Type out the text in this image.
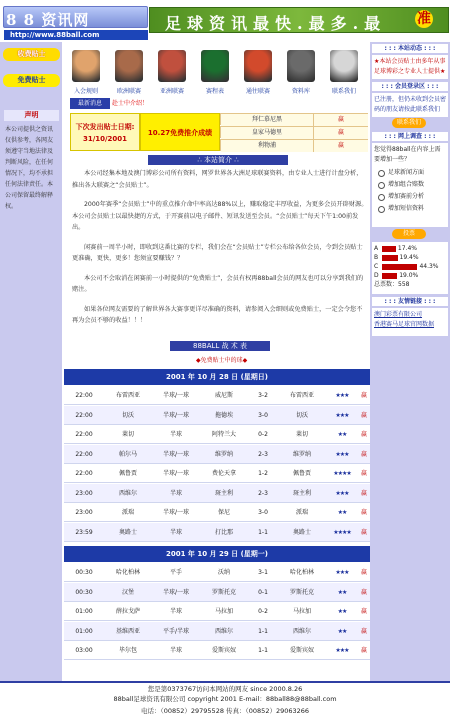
8 8 资讯网
http://www.88ball.com
足球资讯最快.最多.最 准
收费贴士
免费贴士
声明
本公司提供之资讯仅供参考，各网友须遵守当地法律及判断风险，在任何情况下，均不承担任何法律责任。本公司保留最终解释权。
最新消息	赴士中介绍！
下次发出贴士日期:
31/10/2001
10.27免费推介成绩
拜仁慕尼黑	赢
皇家马德里	赢
利物浦	赢
∴ 本站简介 ∴

本公司经集本地及澳门博彩公司所有资料，网罗世界各大洲足球联赛资料，由专业人士进行计盘分析，推出各大联赛之“会员贴士”。

2000年赛季“会员贴士”中的重点推介命中率高达88%以上，赚取稳定丰厚收益，为更多会员开辟财源。本公司会员贴士以最快捷的方式，于开赛前以电子邮件、短讯发送至会员。“会员贴士”每天下午1:00前发出。

闲赛前一周半小时，即收到这番比赛的专栏，我们会在“会员贴士”专栏公布给各位会员，令到会员贴士更准确，更快，更多！您须宣要赚钱？？

本公司不会取消在闲赛前一小时提供的“免费贴士”，会员有权再88ball会员的网友也可以分享到我们的赌注。

如果各位网友需要的了解世界各大赛事更详尽准确的资料，请参阅入会细则或免费贴士，一定会令您不再为会员不够的收益！！！

88BALL 战 术 表
◆免费贴士中的球◆
: : : 本站动态 : : :
★本站会员贴士由多年从事足球博彩之专业人士提供★
: : : 会员登录区 : : :
已注册，但仍未收到会员密码的朋友请按此联系我们
联系我们
: : : 网上调查 : : :
您觉得88ball在内容上需要增加一些？
足球新闻方面
增加组合赔数
增加赛前分析
增加短信资料
投票
A	17.4%
B	19.4%
C	44.3%
D	19.0%
总票数：558
: : : 友情链接 : : :
澳门彩票有限公司
香港赛马足球官网数据
您是第0373767访问本网站的网友 since 2000.8.26
88ball足球资讯有限公司 copyright 2001 E-mail：88ball88@88ball.com
电话：（00852）29795528 传真：（00852）29063266
入会规则	欧洲联赛	亚洲联赛	赛程表	通往联赛	资料库	联系我们
2001 年 10 月 28 日 (星期日)
22:00	布雷西亚	半球/一球	威尼斯	3-2	布雷西亚	★★★	赢
22:00	切沃	半球/一球	拖德埃	3-0	切沃	★★★	赢
22:00	莱切	半球	阿特兰大	0-2	莱切	★★	赢
22:00	帕尔马	半球/一球	维罗纳	2-3	维罗纳	★★★	赢
22:00	佩鲁贾	半球/一球	费伦天拿	1-2	佩鲁贾	★★★★	赢
23:00	西维尔	半球	斑主利	2-3	斑主利	★★★	赢
23:00	派瑞	半球/一球	保尼	3-0	派瑞	★★	赢
23:59	奥路士	半球	打比那	1-1	奥路士	★★★★	赢
2001 年 10 月 29 日 (星期一)
00:30	哈化柏林	平手	沃纳	3-1	哈化柏林	★★★	赢
00:30	汉堡	半球/一球	罗斯托克	0-1	罗斯托克	★★	赢
01:00	薛拉戈萨	半球	马拉加	0-2	马拉加	★★	赢
01:00	基维西亚	平手/半球	西维尔	1-1	西维尔	★★	赢
03:00	毕尔包	半球	爱斯宾奴	1-1	爱斯宾奴	★★★	赢
